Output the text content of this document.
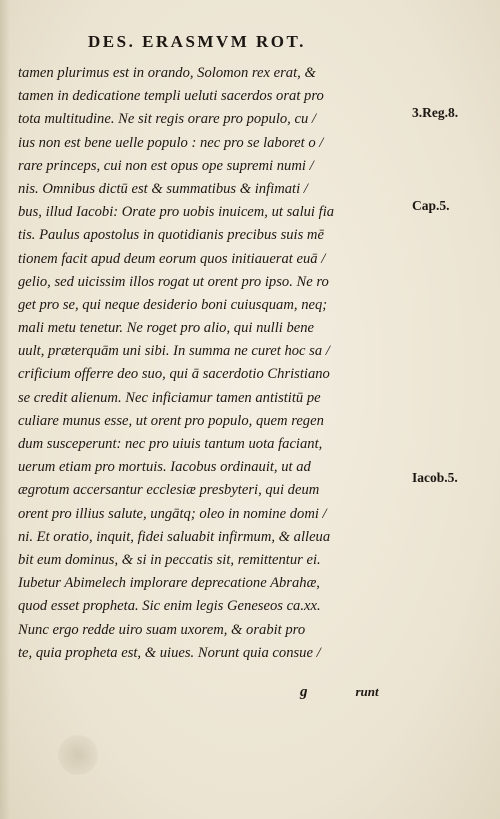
DES. ERASMVM ROT.
tamen plurimus est in orando, Solomon rex erat, &
tamen in dedicatione templi ueluti sacerdos orat pro
tota multitudine. Ne sit regis orare pro populo, cu /
ius non est bene uelle populo : nec pro se laboret o /
rare princeps, cui non est opus ope supremi numi /
nis. Omnibus dictū est & summatibus & infimati /
bus, illud Iacobi: Orate pro uobis inuicem, ut salui fia
tis. Paulus apostolus in quotidianis precibus suis mē
tionem facit apud deum eorum quos initiauerat euā /
gelio, sed uicissim illos rogat ut orent pro ipso. Ne ro
get pro se, qui neque desiderio boni cuiusquam, neq;
mali metu tenetur. Ne roget pro alio, qui nulli bene
uult, præterquām uni sibi. In summa ne curet hoc sa /
crificium offerre deo suo, qui ā sacerdotio Christiano
se credit alienum. Nec inficiamur tamen antistitū pe
culiare munus esse, ut orent pro populo, quem regen
dum susceperunt: nec pro uiuis tantum uota faciant,
uerum etiam pro mortuis. Iacobus ordinauit, ut ad
ægrotum accersantur ecclesiæ presbyteri, qui deum
orent pro illius salute, ungātq; oleo in nomine domi /
ni. Et oratio, inquit, fidei saluabit infirmum, & alleua
bit eum dominus, & si in peccatis sit, remittentur ei.
Iubetur Abimelech implorare deprecatione Abrahæ,
quod esset propheta. Sic enim legis Geneseos ca.xx.
Nunc ergo redde uiro suam uxorem, & orabit pro
te, quia propheta est, & uiues. Norunt quia consue /
3.Reg.8.
Cap.5.
Iacob.5.
g	runt
